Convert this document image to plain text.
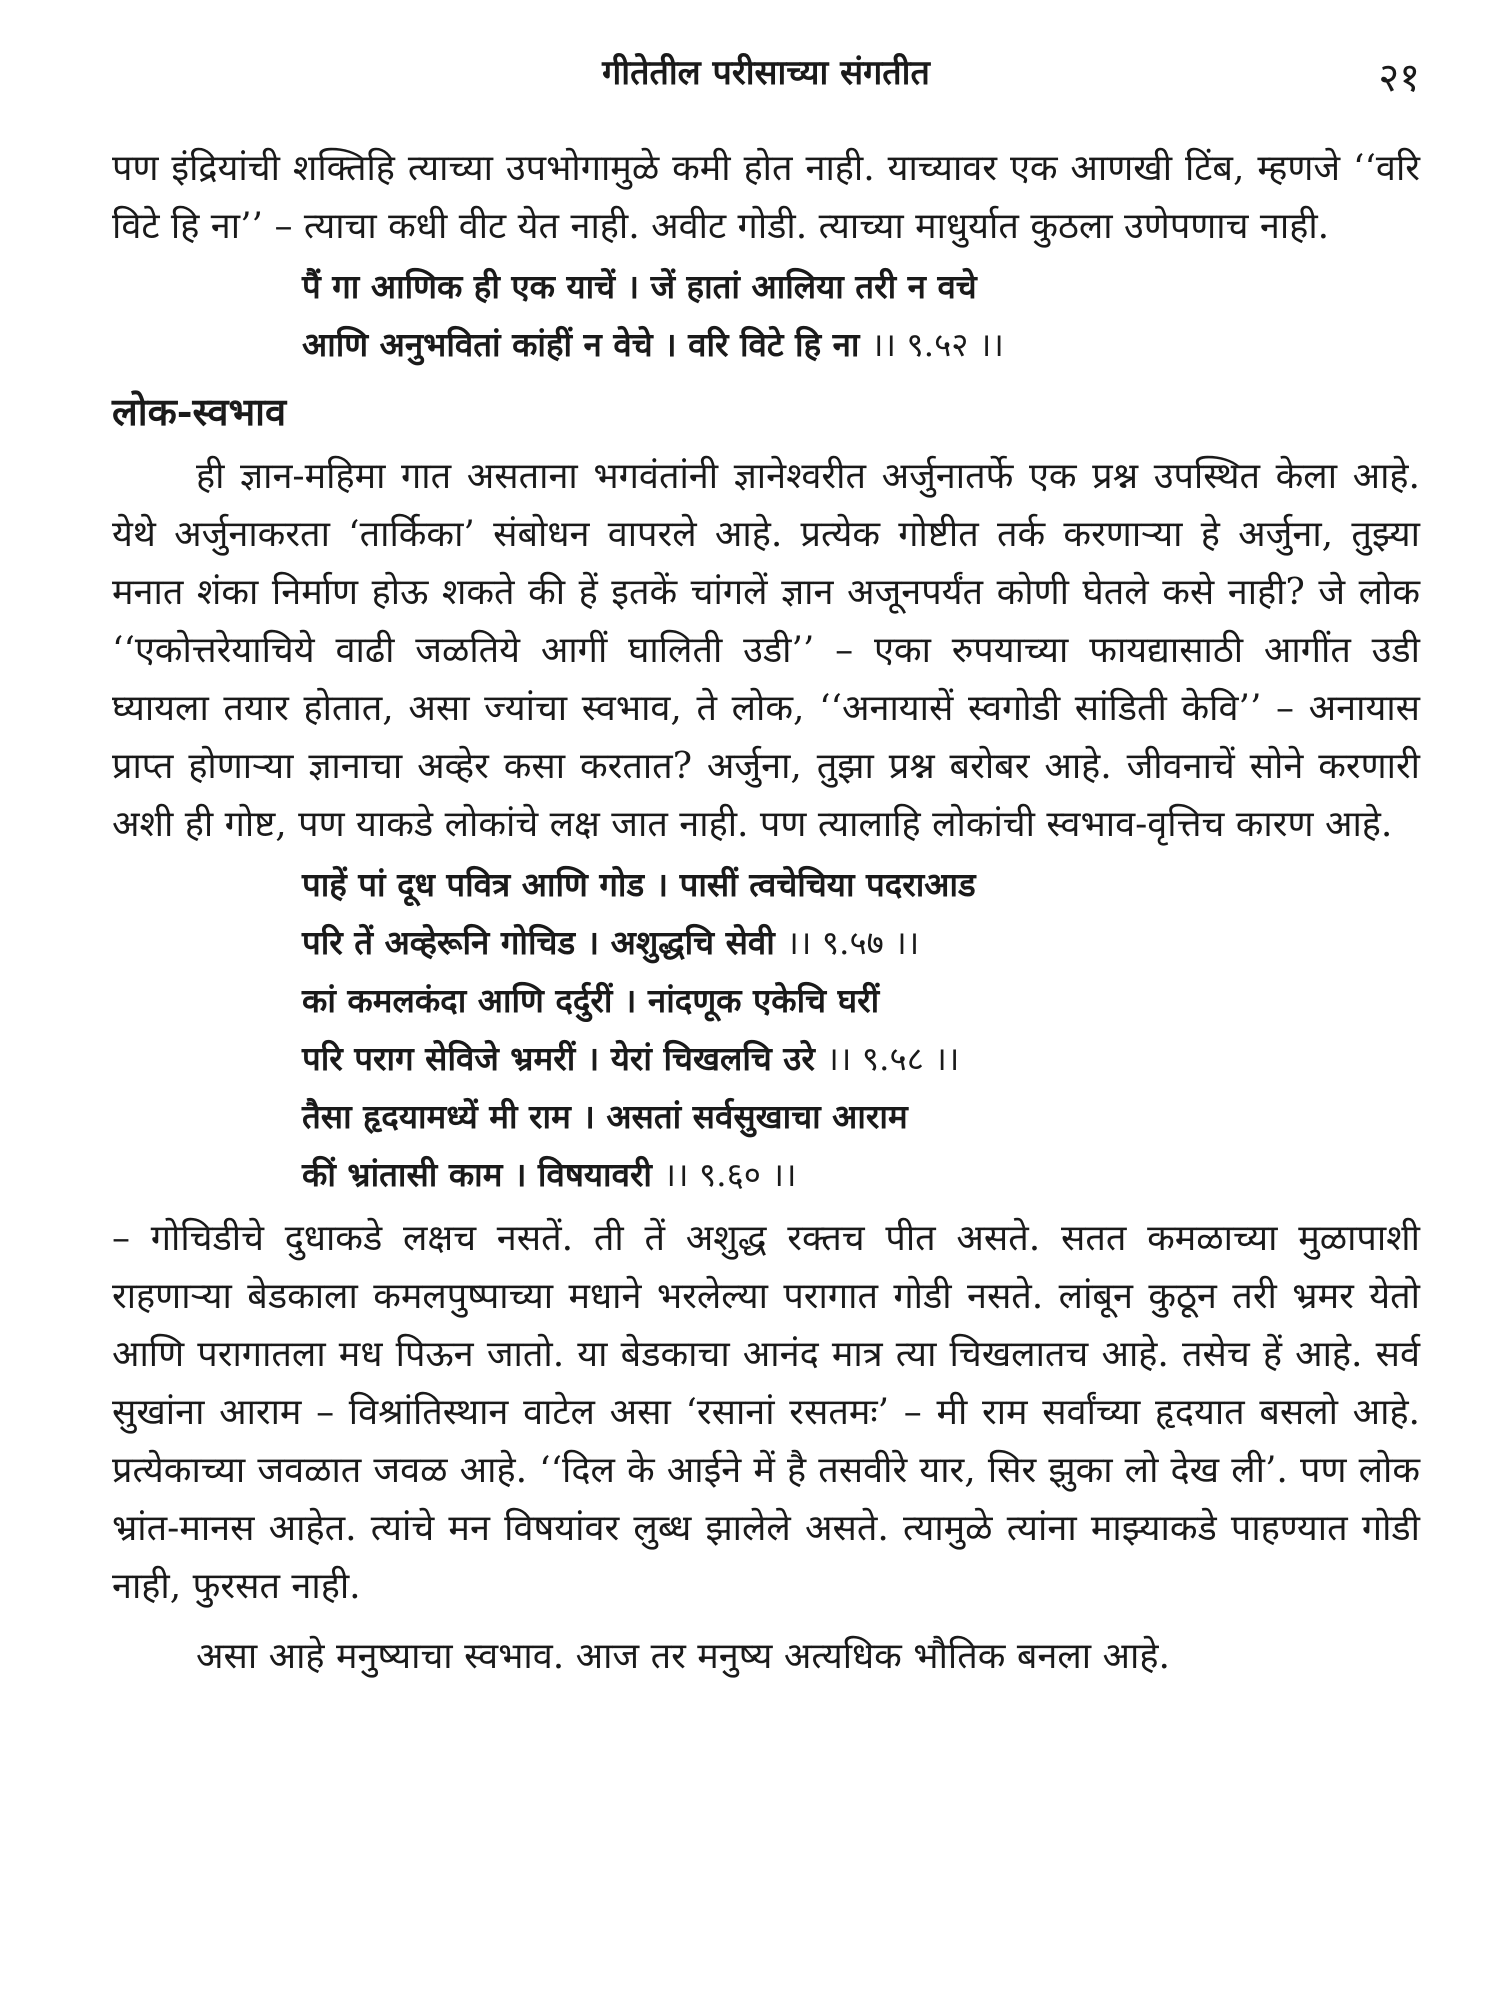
गीतेतील परीसाच्या संगतीत	२१

पण इंद्रियांची शक्तिहि त्याच्या उपभोगामुळे कमी होत नाही. याच्यावर एक आणखी टिंब, म्हणजे ‘‘वरि विटे हि ना’’ – त्याचा कधी वीट येत नाही. अवीट गोडी. त्याच्या माधुर्यात कुठला उणेपणाच नाही.

पैं गा आणिक ही एक याचें । जें हातां आलिया तरी न वचे
आणि अनुभवितां कांहीं न वेचे । वरि विटे हि ना ।। ९.५२ ।।
लोक-स्वभाव

ही ज्ञान-महिमा गात असताना भगवंतांनी ज्ञानेश्वरीत अर्जुनातर्फे एक प्रश्न उपस्थित केला आहे. येथे अर्जुनाकरता ‘तार्किका’ संबोधन वापरले आहे. प्रत्येक गोष्टीत तर्क करणाऱ्या हे अर्जुना, तुझ्या मनात शंका निर्माण होऊ शकते की हें इतकें चांगलें ज्ञान अजूनपर्यंत कोणी घेतले कसे नाही? जे लोक ‘‘एकोत्तरेयाचिये वाढी जळतिये आगीं घालिती उडी’’ – एका रुपयाच्या फायद्यासाठी आगींत उडी घ्यायला तयार होतात, असा ज्यांचा स्वभाव, ते लोक, ‘‘अनायासें स्वगोडी सांडिती केवि’’ – अनायास प्राप्त होणाऱ्या ज्ञानाचा अव्हेर कसा करतात? अर्जुना, तुझा प्रश्न बरोबर आहे. जीवनाचें सोने करणारी अशी ही गोष्ट, पण याकडे लोकांचे लक्ष जात नाही. पण त्यालाहि लोकांची स्वभाव-वृत्तिच कारण आहे.

पाहें पां दूध पवित्र आणि गोड । पासीं त्वचेचिया पदराआड
परि तें अव्हेरूनि गोचिड । अशुद्धचि सेवी ।। ९.५७ ।।
कां कमलकंदा आणि दर्दुरीं । नांदणूक एकेचि घरीं
परि पराग सेविजे भ्रमरीं । येरां चिखलचि उरे ।। ९.५८ ।।
तैसा हृदयामध्यें मी राम । असतां सर्वसुखाचा आराम
कीं भ्रांतासी काम । विषयावरी ।। ९.६० ।।

– गोचिडीचे दुधाकडे लक्षच नसतें. ती तें अशुद्ध रक्तच पीत असते. सतत कमळाच्या मुळापाशी राहणाऱ्या बेडकाला कमलपुष्पाच्या मधाने भरलेल्या परागात गोडी नसते. लांबून कुठून तरी भ्रमर येतो आणि परागातला मध पिऊन जातो. या बेडकाचा आनंद मात्र त्या चिखलातच आहे. तसेच हें आहे. सर्व सुखांना आराम – विश्रांतिस्थान वाटेल असा ‘रसानां रसतमः’ – मी राम सर्वांच्या हृदयात बसलो आहे. प्रत्येकाच्या जवळात जवळ आहे. ‘‘दिल के आईने में है तसवीरे यार, सिर झुका लो देख ली’. पण लोक भ्रांत-मानस आहेत. त्यांचे मन विषयांवर लुब्ध झालेले असते. त्यामुळे त्यांना माझ्याकडे पाहण्यात गोडी नाही, फुरसत नाही.

असा आहे मनुष्याचा स्वभाव. आज तर मनुष्य अत्यधिक भौतिक बनला आहे.
